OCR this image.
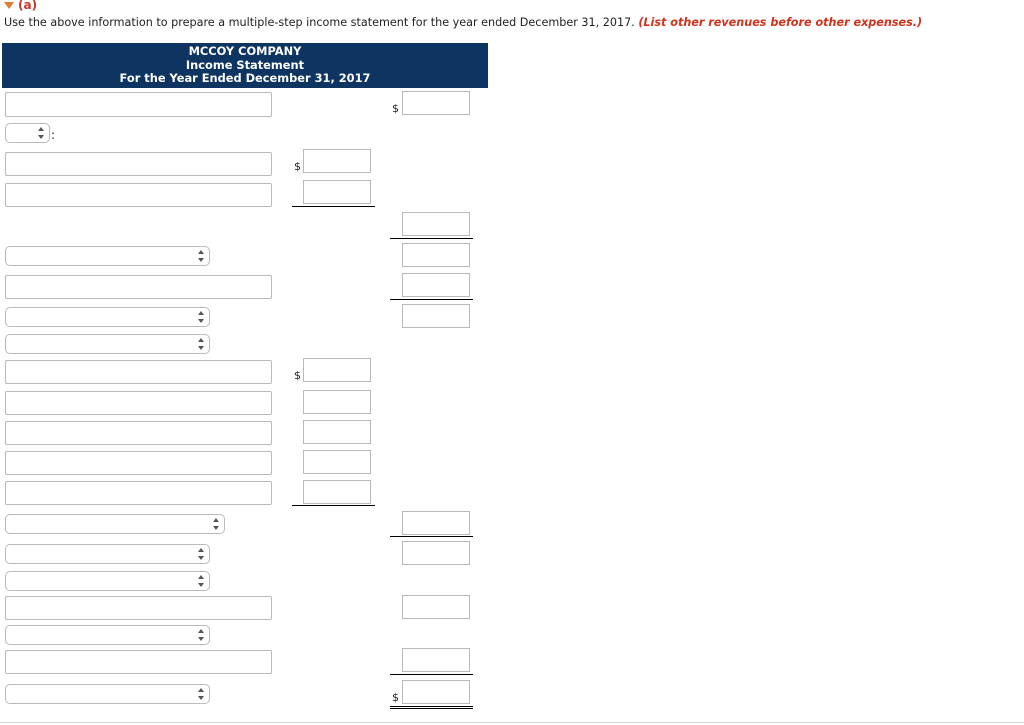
(a)
Use the above information to prepare a multiple-step income statement for the year ended December 31, 2017. (List other revenues before other expenses.)
MCCOY COMPANY
Income Statement
For the Year Ended December 31, 2017
$
:
$
$
$
